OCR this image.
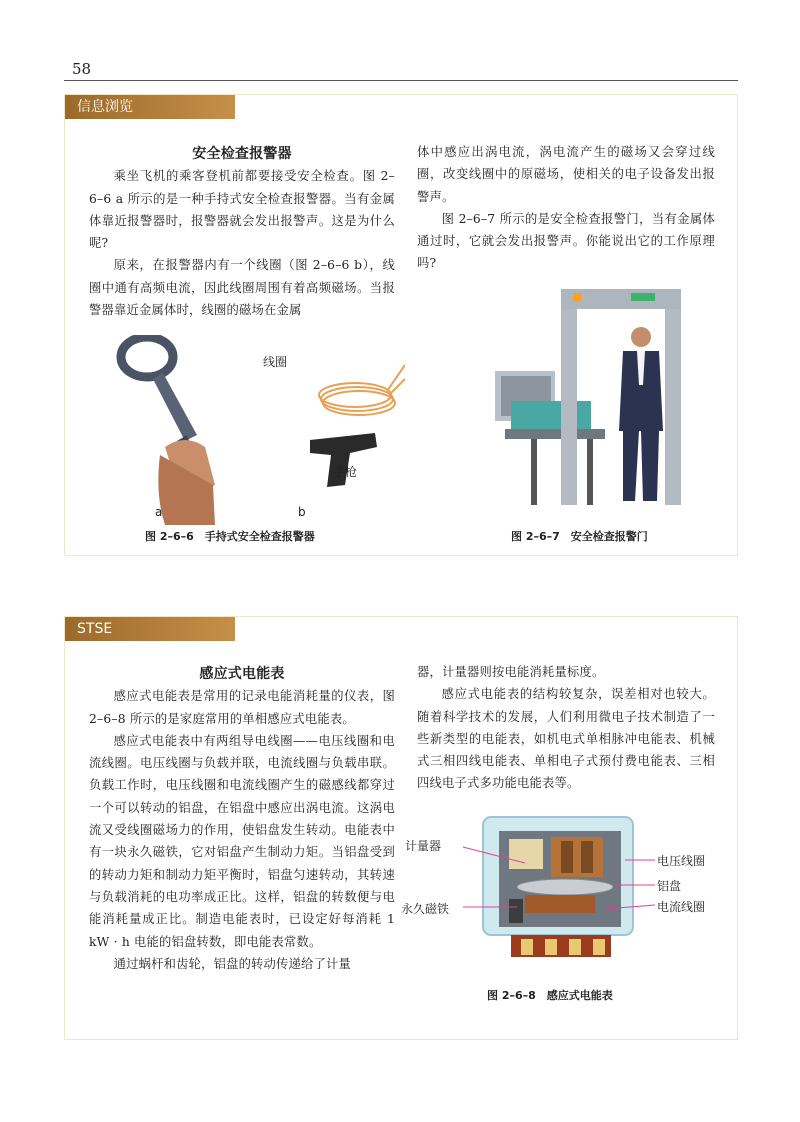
58
信息浏览

安全检查报警器

乘坐飞机的乘客登机前都要接受安全检查。图 2–6–6 a 所示的是一种手持式安全检查报警器。当有金属体靠近报警器时，报警器就会发出报警声。这是为什么呢?

原来，在报警器内有一个线圈（图 2–6–6 b），线圈中通有高频电流，因此线圈周围有着高频磁场。当报警器靠近金属体时，线圈的磁场在金属

体中感应出涡电流，涡电流产生的磁场又会穿过线圈，改变线圈中的原磁场，使相关的电子设备发出报警声。

图 2–6–7 所示的是安全检查报警门，当有金属体通过时，它就会发出报警声。你能说出它的工作原理吗?

线圈
手枪
a	b
图 2–6–6　手持式安全检查报警器	图 2–6–7　安全检查报警门
STSE

感应式电能表

感应式电能表是常用的记录电能消耗量的仪表，图 2–6–8 所示的是家庭常用的单相感应式电能表。

感应式电能表中有两组导电线圈——电压线圈和电流线圈。电压线圈与负载并联，电流线圈与负载串联。负载工作时，电压线圈和电流线圈产生的磁感线都穿过一个可以转动的铝盘，在铝盘中感应出涡电流。这涡电流又受线圈磁场力的作用，使铝盘发生转动。电能表中有一块永久磁铁，它对铝盘产生制动力矩。当铝盘受到的转动力矩和制动力矩平衡时，铝盘匀速转动，其转速与负载消耗的电功率成正比。这样，铝盘的转数便与电能消耗量成正比。制造电能表时，已设定好每消耗 1 kW · h 电能的铝盘转数，即电能表常数。

通过蜗杆和齿轮，铝盘的转动传递给了计量

器，计量器则按电能消耗量标度。

感应式电能表的结构较复杂，误差相对也较大。随着科学技术的发展，人们利用微电子技术制造了一些新类型的电能表，如机电式单相脉冲电能表、机械式三相四线电能表、单相电子式预付费电能表、三相四线电子式多功能电能表等。

计量器
永久磁铁
电压线圈
铝盘
电流线圈
图 2–6–8　感应式电能表
